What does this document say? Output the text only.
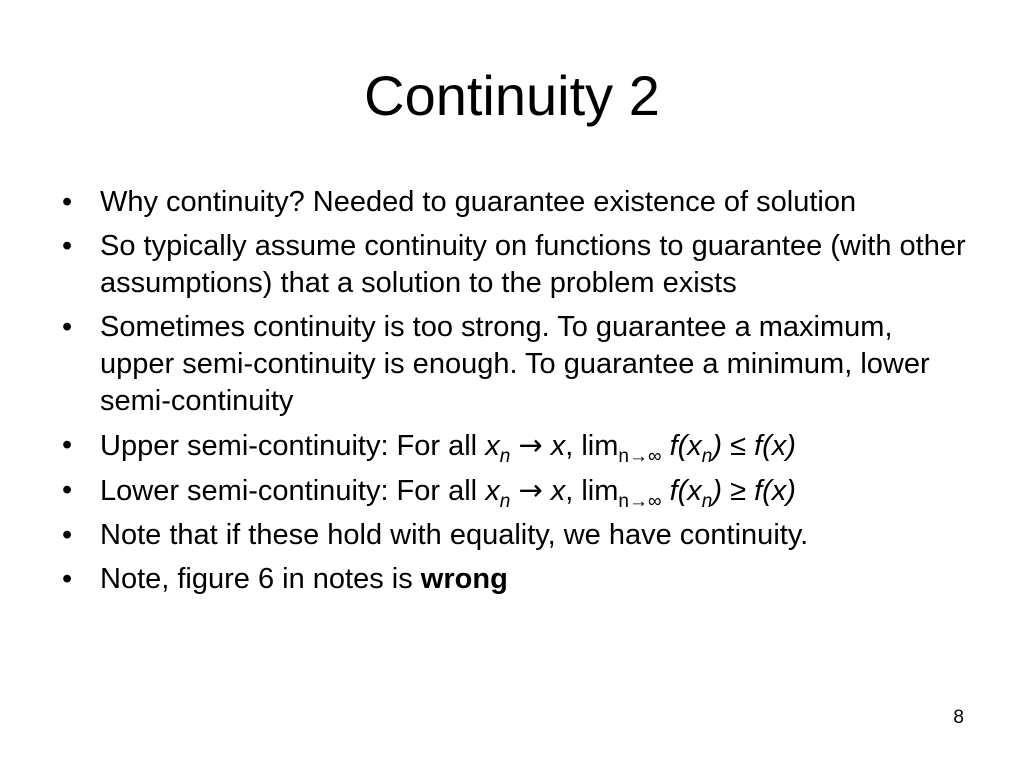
Continuity 2
• Why continuity? Needed to guarantee existence of solution
• So typically assume continuity on functions to guarantee (with other assumptions) that a solution to the problem exists
• Sometimes continuity is too strong. To guarantee a maximum, upper semi-continuity is enough. To guarantee a minimum, lower semi-continuity
• Upper semi-continuity: For all $x_n \to x$, $\lim_{n\to\infty} f(x_n) \le f(x)$
• Lower semi-continuity: For all $x_n \to x$, $\lim_{n\to\infty} f(x_n) \ge f(x)$
• Note that if these hold with equality, we have continuity.
• Note, figure 6 in notes is wrong
8
